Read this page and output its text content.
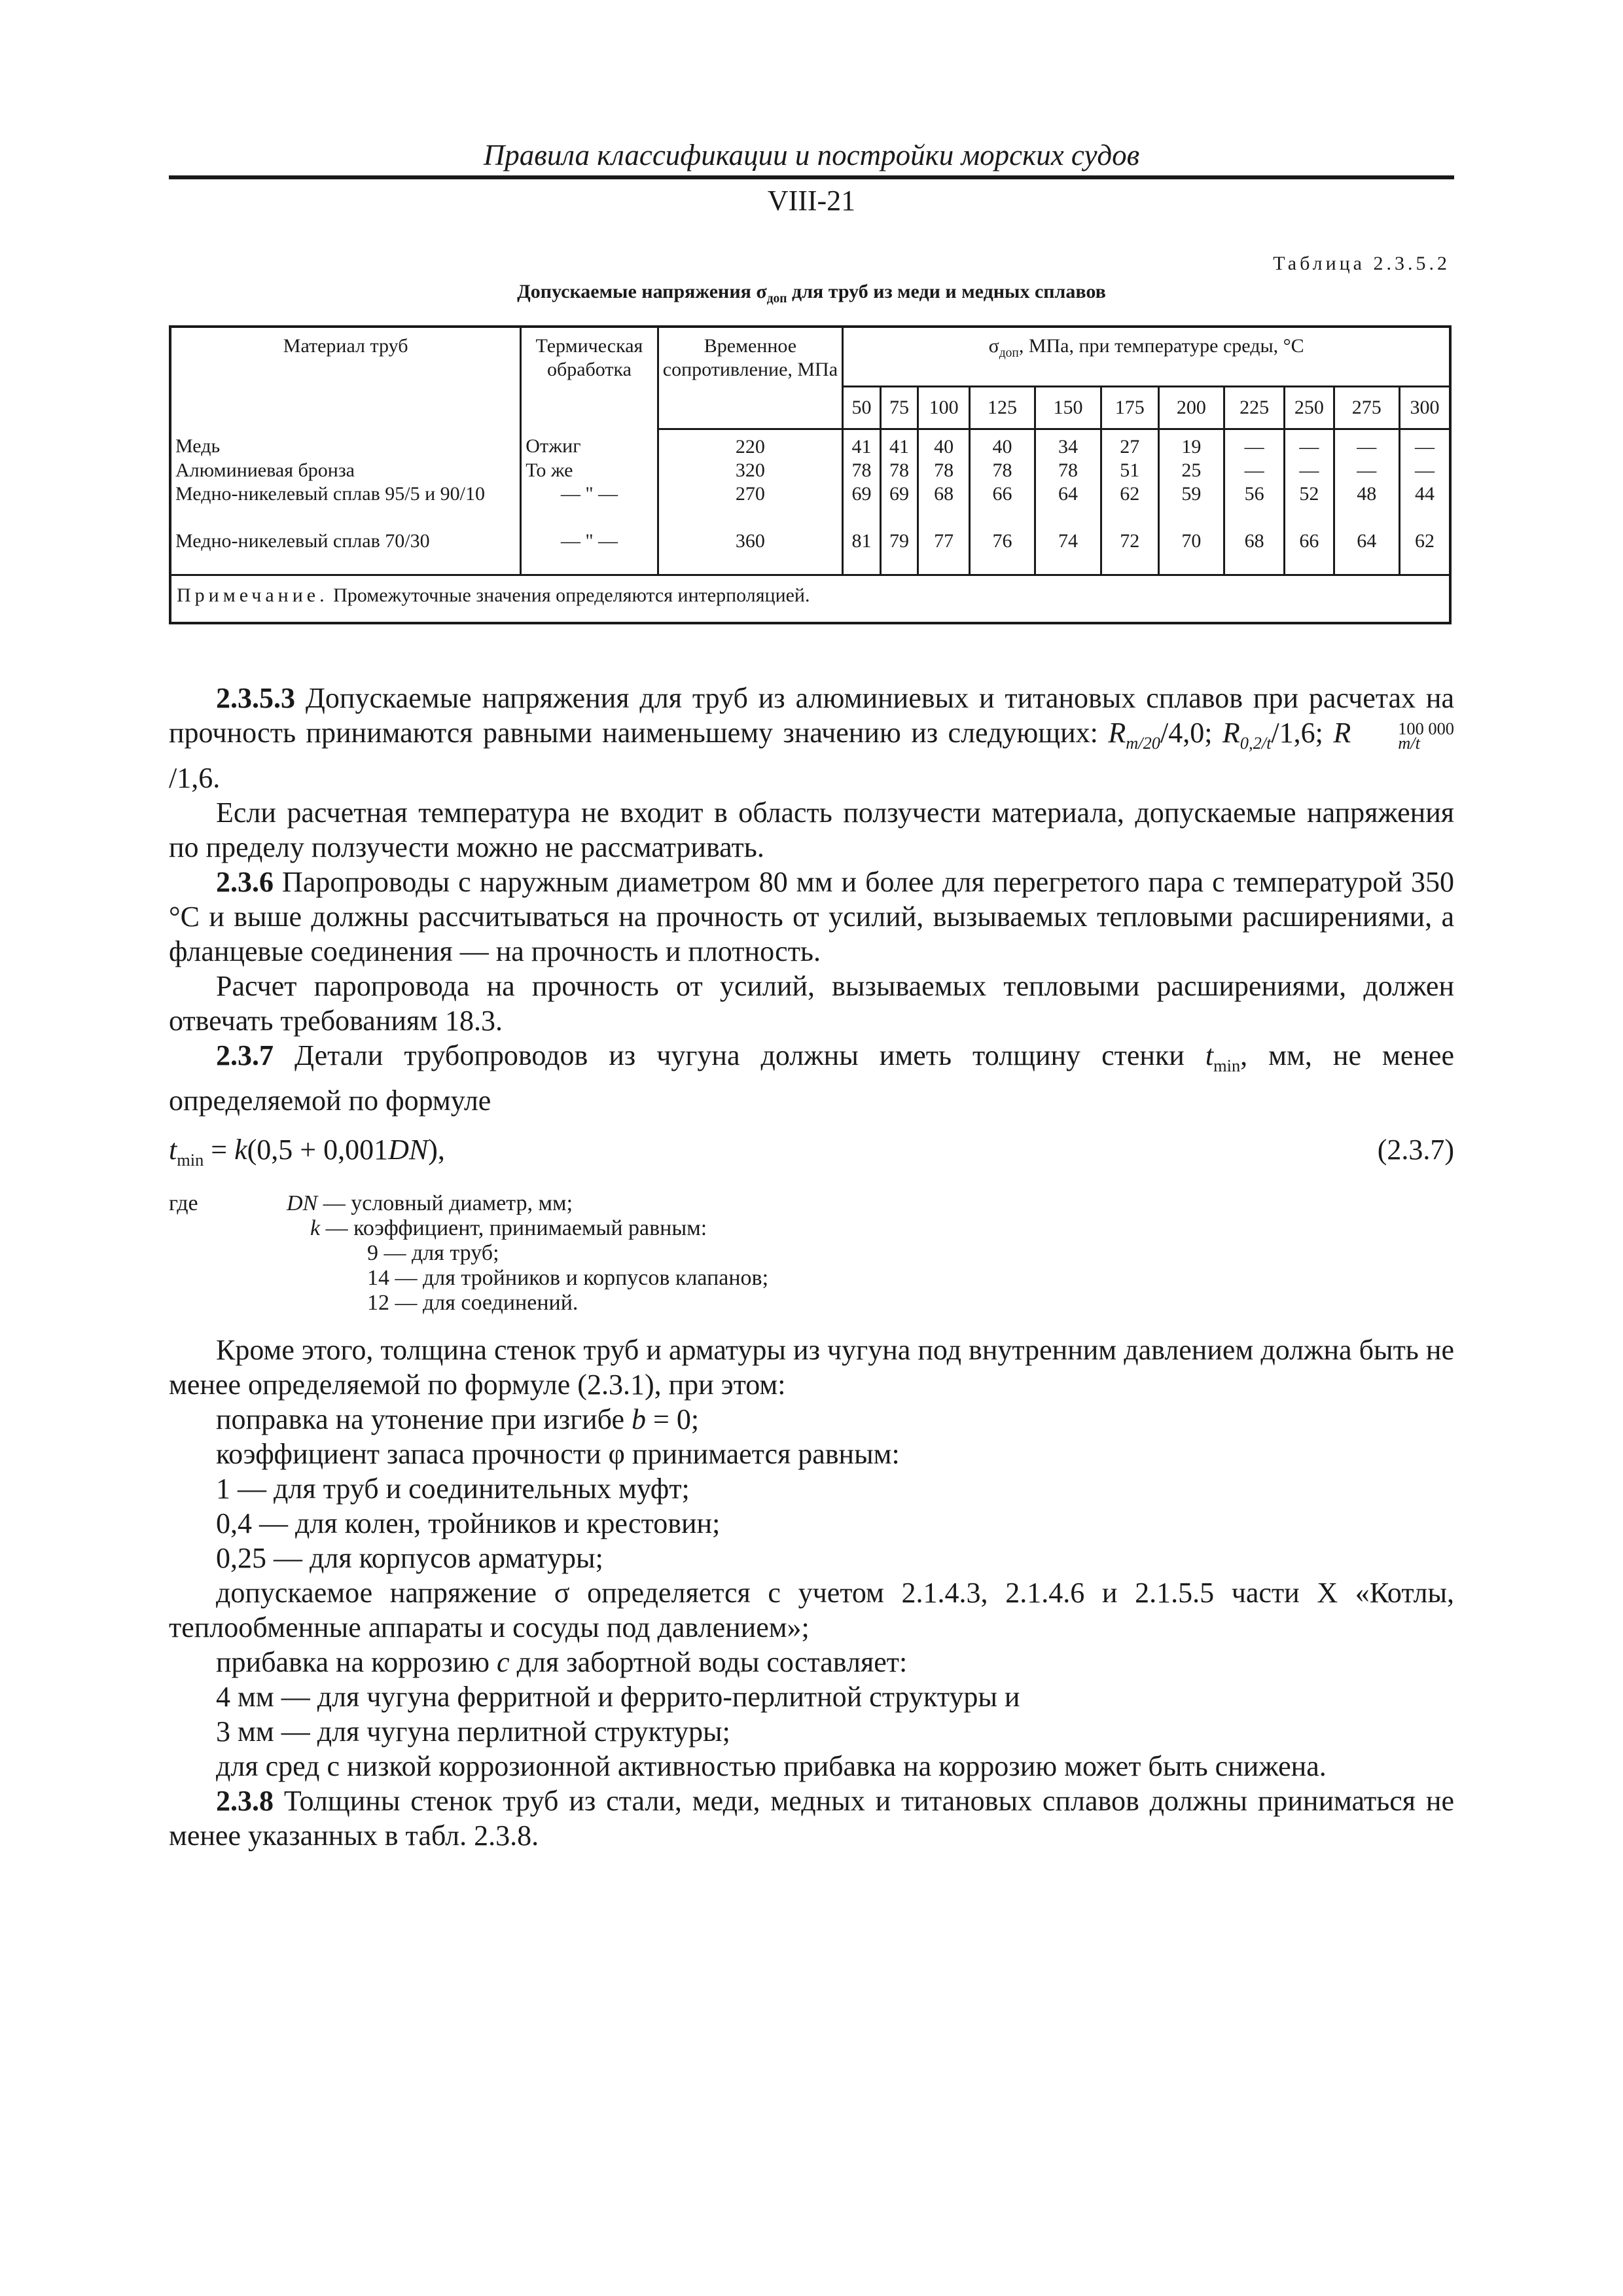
Правила классификации и постройки морских судов
VIII-21
Таблица 2.3.5.2
Допускаемые напряжения $\sigma_{доп}$ для труб из меди и медных сплавов
Материал труб	Термическая обработка	Временное сопротивление, МПа	$\sigma_{доп}$, МПа, при температуре среды, °С										
			50	75	100	125	150	175	200	225	250	275	300
Медь	Отжиг	220	41	41	40	40	34	27	19	—	—	—	—
Алюминиевая бронза	То же	320	78	78	78	78	78	51	25	—	—	—	—
Медно-никелевый сплав 95/5 и 90/10	— " —	270	69	69	68	66	64	62	59	56	52	48	44
Медно-никелевый сплав 70/30	— " —	360	81	79	77	76	74	72	70	68	66	64	62
Примечание. Промежуточные значения определяются интерполяцией.													

2.3.5.3 Допускаемые напряжения для труб из алюминиевых и титановых сплавов при расчетах на прочность принимаются равными наименьшему значению из следующих: $R_{m/20}/4,0$; $R_{0,2/t}/1,6$; R	100 000
m/t
/1,6.

Если расчетная температура не входит в область ползучести материала, допускаемые напряжения по пределу ползучести можно не рассматривать.

2.3.6 Паропроводы с наружным диаметром 80 мм и более для перегретого пара с температурой 350 °С и выше должны рассчитываться на прочность от усилий, вызываемых тепловыми расширениями, а фланцевые соединения — на прочность и плотность.

Расчет паропровода на прочность от усилий, вызываемых тепловыми расширениями, должен отвечать требованиям 18.3.

2.3.7 Детали трубопроводов из чугуна должны иметь толщину стенки $t_{min}$, мм, не менее определяемой по формуле

$t_{min} = k(0,5 + 0,001DN)$,	(2.3.7)
где	DN — условный диаметр, мм;
k — коэффициент, принимаемый равным:
9 — для труб;
14 — для тройников и корпусов клапанов;
12 — для соединений.

Кроме этого, толщина стенок труб и арматуры из чугуна под внутренним давлением должна быть не менее определяемой по формуле (2.3.1), при этом:

поправка на утонение при изгибе b = 0;

коэффициент запаса прочности φ принимается равным:

1 — для труб и соединительных муфт;

0,4 — для колен, тройников и крестовин;

0,25 — для корпусов арматуры;

допускаемое напряжение σ определяется с учетом 2.1.4.3, 2.1.4.6 и 2.1.5.5 части X «Котлы, теплообменные аппараты и сосуды под давлением»;

прибавка на коррозию c для забортной воды составляет:

4 мм — для чугуна ферритной и феррито-перлитной структуры и

3 мм — для чугуна перлитной структуры;

для сред с низкой коррозионной активностью прибавка на коррозию может быть снижена.

2.3.8 Толщины стенок труб из стали, меди, медных и титановых сплавов должны приниматься не менее указанных в табл. 2.3.8.
